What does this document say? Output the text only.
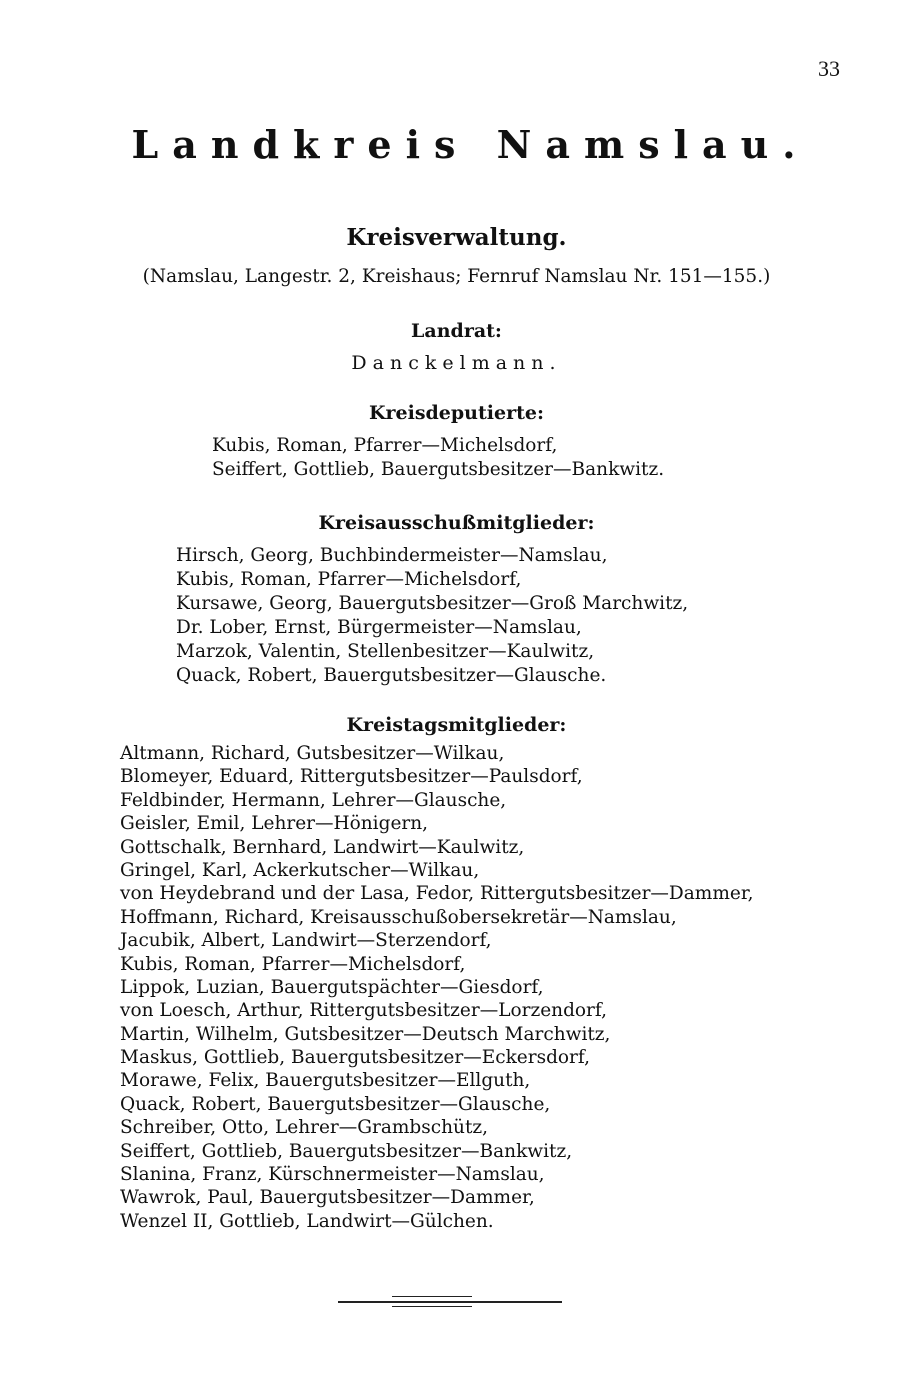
33
Landkreis Namslau.
Kreisverwaltung.
(Namslau, Langestr. 2, Kreishaus; Fernruf Namslau Nr. 151—155.)
Landrat:
Danckelmann.
Kreisdeputierte:
Kubis, Roman, Pfarrer—Michelsdorf,
Seiffert, Gottlieb, Bauergutsbesitzer—Bankwitz.
Kreisausschußmitglieder:
Hirsch, Georg, Buchbindermeister—Namslau,
Kubis, Roman, Pfarrer—Michelsdorf,
Kursawe, Georg, Bauergutsbesitzer—Groß Marchwitz,
Dr. Lober, Ernst, Bürgermeister—Namslau,
Marzok, Valentin, Stellenbesitzer—Kaulwitz,
Quack, Robert, Bauergutsbesitzer—Glausche.
Kreistagsmitglieder:
Altmann, Richard, Gutsbesitzer—Wilkau,
Blomeyer, Eduard, Rittergutsbesitzer—Paulsdorf,
Feldbinder, Hermann, Lehrer—Glausche,
Geisler, Emil, Lehrer—Hönigern,
Gottschalk, Bernhard, Landwirt—Kaulwitz,
Gringel, Karl, Ackerkutscher—Wilkau,
von Heydebrand und der Lasa, Fedor, Rittergutsbesitzer—Dammer,
Hoffmann, Richard, Kreisausschußobersekretär—Namslau,
Jacubik, Albert, Landwirt—Sterzendorf,
Kubis, Roman, Pfarrer—Michelsdorf,
Lippok, Luzian, Bauergutspächter—Giesdorf,
von Loesch, Arthur, Rittergutsbesitzer—Lorzendorf,
Martin, Wilhelm, Gutsbesitzer—Deutsch Marchwitz,
Maskus, Gottlieb, Bauergutsbesitzer—Eckersdorf,
Morawe, Felix, Bauergutsbesitzer—Ellguth,
Quack, Robert, Bauergutsbesitzer—Glausche,
Schreiber, Otto, Lehrer—Grambschütz,
Seiffert, Gottlieb, Bauergutsbesitzer—Bankwitz,
Slanina, Franz, Kürschnermeister—Namslau,
Wawrok, Paul, Bauergutsbesitzer—Dammer,
Wenzel II, Gottlieb, Landwirt—Gülchen.
